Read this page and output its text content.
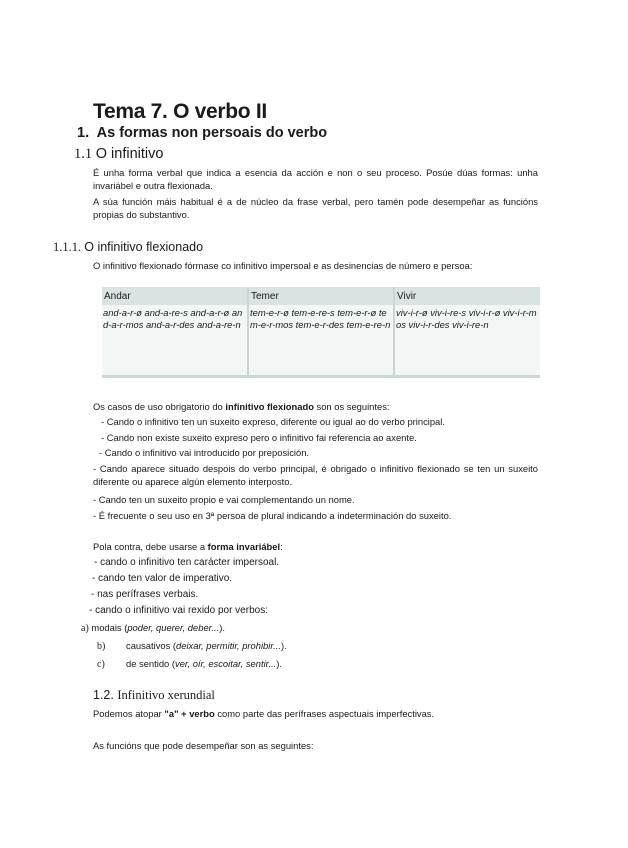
Tema 7. O verbo II
1. As formas non persoais do verbo
1.1 O infinitivo
É unha forma verbal que indica a esencia da acción e non o seu proceso. Posúe dúas formas: unha invariábel e outra flexionada.
A súa función máis habitual é a de núcleo da frase verbal, pero tamén pode desempeñar as funcións propias do substantivo.
1.1.1. O infinitivo flexionado
O infinitivo flexionado fórmase co infinitivo impersoal e as desinencias de número e persoa:
Andar	Temer	Vivir
and-a-r-ø and-a-re-s and-a-r-ø and-a-r-mos and-a-r-des and-a-re-n	tem-e-r-ø tem-e-re-s tem-e-r-ø tem-e-r-mos tem-e-r-des tem-e-re-n	viv-i-r-ø viv-i-re-s viv-i-r-ø viv-i-r-mos viv-i-r-des viv-i-re-n
Os casos de uso obrigatorio do infinitivo flexionado son os seguintes:
- Cando o infinitivo ten un suxeito expreso, diferente ou igual ao do verbo principal.
- Cando non existe suxeito expreso pero o infinitivo fai referencia ao axente.
- Cando o infinitivo vai introducido por preposición.
- Cando aparece situado despois do verbo principal, é obrigado o infinitivo flexionado se ten un suxeito diferente ou aparece algún elemento interposto.
- Cando ten un suxeito propio e vai complementando un nome.
- É frecuente o seu uso en 3ª persoa de plural indicando a indeterminación do suxeito.
Pola contra, debe usarse a forma invariábel:
- cando o infinitivo ten carácter impersoal.
- cando ten valor de imperativo.
- nas perífrases verbais.
- cando o infinitivo vai rexido por verbos:
a) modais (poder, querer, deber...).
b) causativos (deixar, permitir, prohibir...).
c) de sentido (ver, oír, escoitar, sentir...).
1.2. Infinitivo xerundial
Podemos atopar "a" + verbo como parte das perífrases aspectuais imperfectivas.
As funcións que pode desempeñar son as seguintes:
